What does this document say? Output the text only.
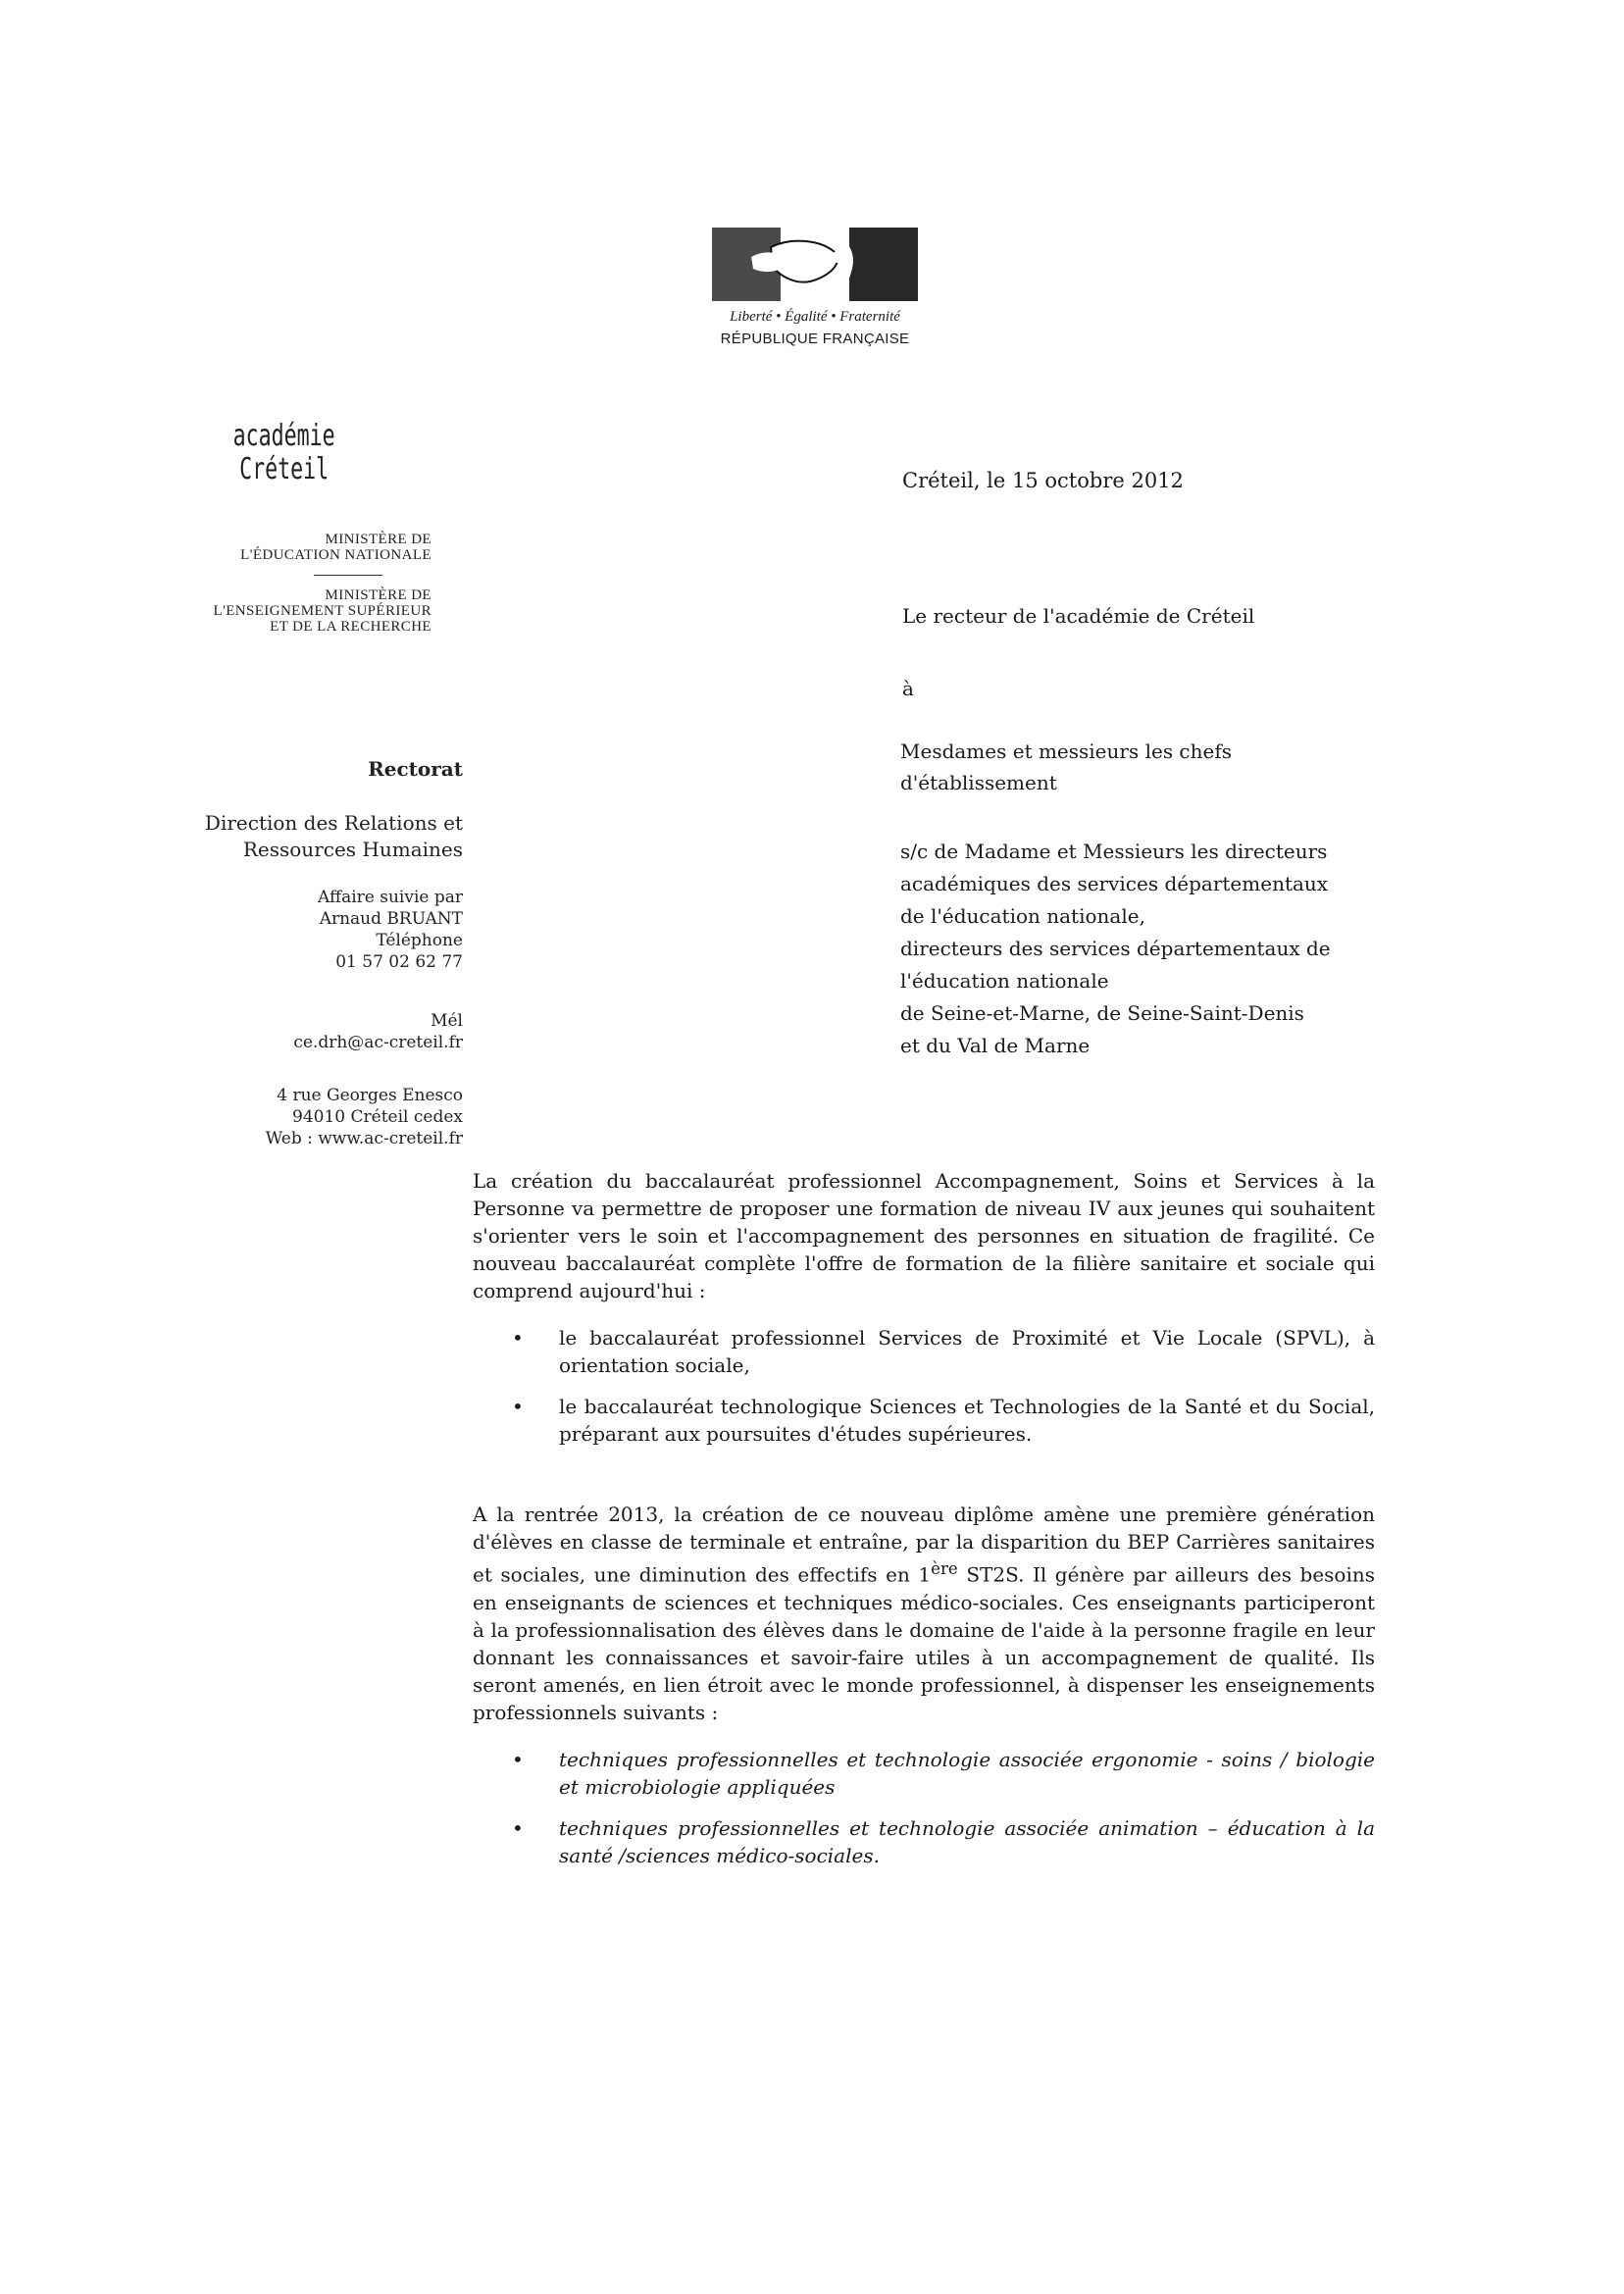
Liberté • Égalité • Fraternité
RÉPUBLIQUE FRANÇAISE
académie
Créteil
MINISTÈRE DE
L'ÉDUCATION NATIONALE
MINISTÈRE DE
L'ENSEIGNEMENT SUPÉRIEUR
ET DE LA RECHERCHE
Rectorat
Direction des Relations et
Ressources Humaines
Affaire suivie par
Arnaud BRUANT
Téléphone
01 57 02 62 77
Mél
ce.drh@ac-creteil.fr
4 rue Georges Enesco
94010 Créteil cedex
Web : www.ac-creteil.fr
Créteil, le 15 octobre 2012
Le recteur de l'académie de Créteil
à
Mesdames et messieurs les chefs
d'établissement
s/c de Madame et Messieurs les directeurs
académiques des services départementaux
de l'éducation nationale,
directeurs des services départementaux de
l'éducation nationale
de Seine-et-Marne, de Seine-Saint-Denis
et du Val de Marne

La création du baccalauréat professionnel Accompagnement, Soins et Services à la Personne va permettre de proposer une formation de niveau IV aux jeunes qui souhaitent s'orienter vers le soin et l'accompagnement des personnes en situation de fragilité. Ce nouveau baccalauréat complète l'offre de formation de la filière sanitaire et sociale qui comprend aujourd'hui :

• le baccalauréat professionnel Services de Proximité et Vie Locale (SPVL), à orientation sociale,
• le baccalauréat technologique Sciences et Technologies de la Santé et du Social, préparant aux poursuites d'études supérieures.

A la rentrée 2013, la création de ce nouveau diplôme amène une première génération d'élèves en classe de terminale et entraîne, par la disparition du BEP Carrières sanitaires et sociales, une diminution des effectifs en 1ère ST2S. Il génère par ailleurs des besoins en enseignants de sciences et techniques médico-sociales. Ces enseignants participeront à la professionnalisation des élèves dans le domaine de l'aide à la personne fragile en leur donnant les connaissances et savoir-faire utiles à un accompagnement de qualité. Ils seront amenés, en lien étroit avec le monde professionnel, à dispenser les enseignements professionnels suivants :

• techniques professionnelles et technologie associée ergonomie - soins / biologie et microbiologie appliquées
• techniques professionnelles et technologie associée animation – éducation à la santé /sciences médico-sociales.
